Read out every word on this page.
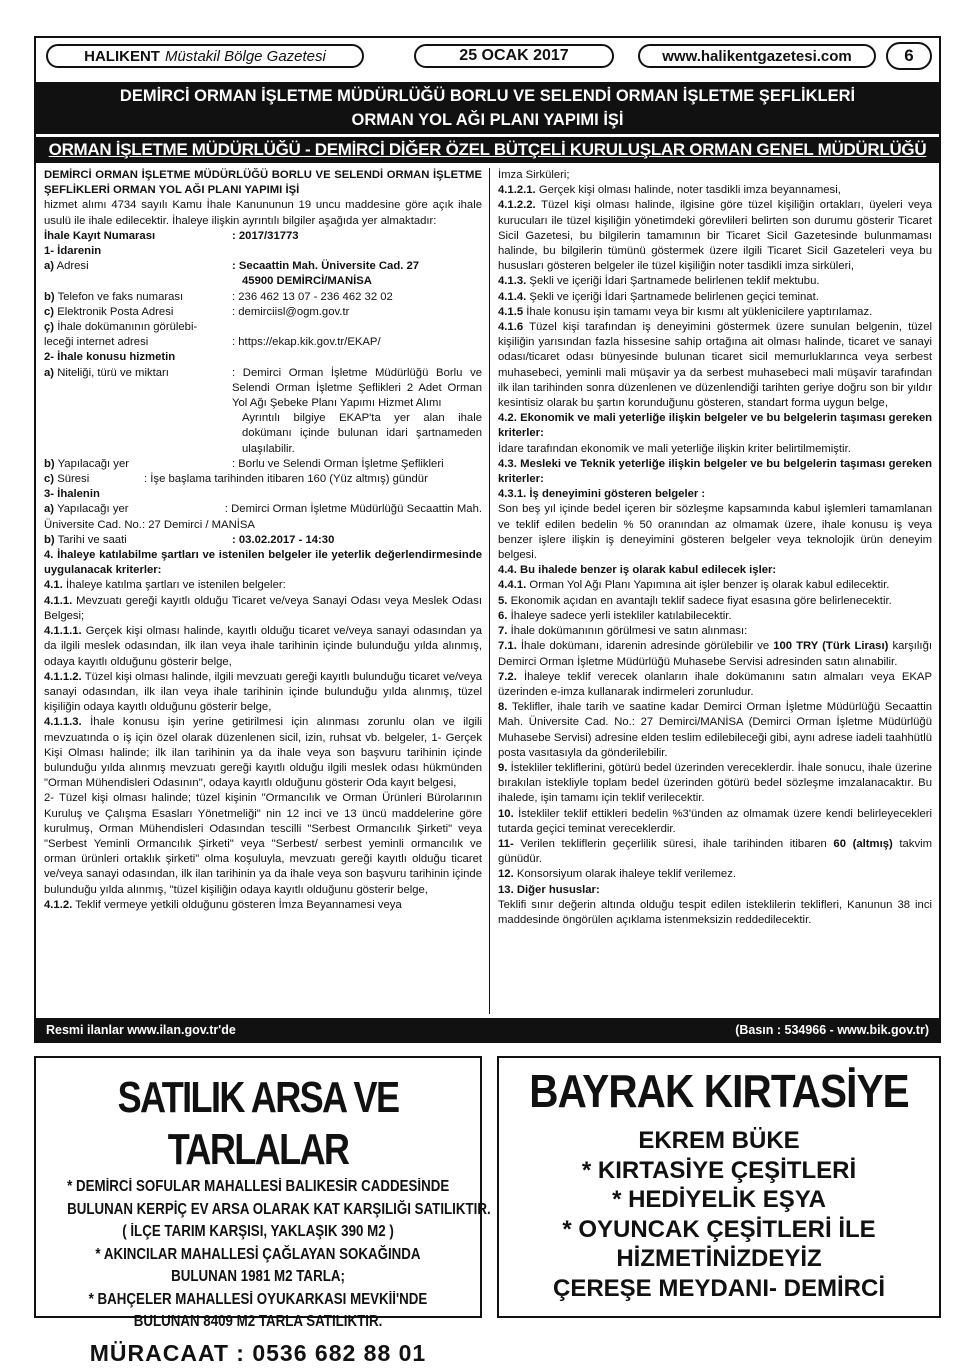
HALIKENT Müstakil Bölge Gazetesi	25 OCAK 2017	www.halikentgazetesi.com	6
DEMİRCİ ORMAN İŞLETME MÜDÜRLÜĞÜ BORLU VE SELENDİ ORMAN İŞLETME ŞEFLİKLERİ
ORMAN YOL AĞI PLANI YAPIMI İŞİ
ORMAN İŞLETME MÜDÜRLÜĞÜ - DEMİRCİ DİĞER ÖZEL BÜTÇELİ KURULUŞLAR ORMAN GENEL MÜDÜRLÜĞÜ

DEMİRCİ ORMAN İŞLETME MÜDÜRLÜĞÜ BORLU VE SELENDİ ORMAN İŞLETME ŞEFLİKLERİ ORMAN YOL AĞI PLANI YAPIMI İŞİ

hizmet alımı 4734 sayılı Kamu İhale Kanununun 19 uncu maddesine göre açık ihale usulü ile ihale edilecektir. İhaleye ilişkin ayrıntılı bilgiler aşağıda yer almaktadır:

İhale Kayıt Numarası	: 2017/31773

1- İdarenin

a) Adresi	: Secaattin Mah. Üniversite Cad. 27
45900 DEMİRCİ/MANİSA
b) Telefon ve faks numarası	: 236 462 13 07 - 236 462 32 02
c) Elektronik Posta Adresi	: demirciisl@ogm.gov.tr
ç) İhale dokümanının görülebi-
leceği internet adresi	: https://ekap.kik.gov.tr/EKAP/

2- İhale konusu hizmetin

a) Niteliği, türü ve miktarı	: Demirci Orman İşletme Müdürlüğü Borlu ve Selendi Orman İşletme Şeflikleri 2 Adet Orman Yol Ağı Şebeke Planı Yapımı Hizmet Alımı

Ayrıntılı bilgiye EKAP'ta yer alan ihale dokümanı içinde bulunan idari şartnameden ulaşılabilir.
b) Yapılacağı yer	: Borlu ve Selendi Orman İşletme Şeflikleri
c) Süresi	: İşe başlama tarihinden itibaren 160 (Yüz altmış) gündür

3- İhalenin

a) Yapılacağı yer                              : Demirci Orman İşletme Müdürlüğü Secaattin Mah. Üniversite Cad. No.: 27 Demirci / MANİSA

b) Tarihi ve saati	: 03.02.2017 - 14:30

4. İhaleye katılabilme şartları ve istenilen belgeler ile yeterlik değerlendirmesinde uygulanacak kriterler:

4.1. İhaleye katılma şartları ve istenilen belgeler:

4.1.1. Mevzuatı gereği kayıtlı olduğu Ticaret ve/veya Sanayi Odası veya Meslek Odası Belgesi;

4.1.1.1. Gerçek kişi olması halinde, kayıtlı olduğu ticaret ve/veya sanayi odasından ya da ilgili meslek odasından, ilk ilan veya ihale tarihinin içinde bulunduğu yılda alınmış, odaya kayıtlı olduğunu gösterir belge,

4.1.1.2. Tüzel kişi olması halinde, ilgili mevzuatı gereği kayıtlı bulunduğu ticaret ve/veya sanayi odasından, ilk ilan veya ihale tarihinin içinde bulunduğu yılda alınmış, tüzel kişiliğin odaya kayıtlı olduğunu gösterir belge,

4.1.1.3. İhale konusu işin yerine getirilmesi için alınması zorunlu olan ve ilgili mevzuatında o iş için özel olarak düzenlenen sicil, izin, ruhsat vb. belgeler, 1- Gerçek Kişi Olması halinde; ilk ilan tarihinin ya da ihale veya son başvuru tarihinin içinde bulunduğu yılda alınmış mevzuatı gereği kayıtlı olduğu ilgili meslek odası hükmünden "Orman Mühendisleri Odasının", odaya kayıtlı olduğunu gösterir Oda kayıt belgesi,

2- Tüzel kişi olması halinde; tüzel kişinin "Ormancılık ve Orman Ürünleri Bürolarının Kuruluş ve Çalışma Esasları Yönetmeliği" nin 12 inci ve 13 üncü maddelerine göre kurulmuş, Orman Mühendisleri Odasından tescilli "Serbest Ormancılık Şirketi" veya "Serbest Yeminli Ormancılık Şirketi" veya "Serbest/ serbest yeminli ormancılık ve orman ürünleri ortaklık şirketi" olma koşuluyla, mevzuatı gereği kayıtlı olduğu ticaret ve/veya sanayi odasından, ilk ilan tarihinin ya da ihale veya son başvuru tarihinin içinde bulunduğu yılda alınmış, "tüzel kişiliğin odaya kayıtlı olduğunu gösterir belge,

4.1.2. Teklif vermeye yetkili olduğunu gösteren İmza Beyannamesi veya

İmza Sirküleri;

4.1.2.1. Gerçek kişi olması halinde, noter tasdikli imza beyannamesi,

4.1.2.2. Tüzel kişi olması halinde, ilgisine göre tüzel kişiliğin ortakları, üyeleri veya kurucuları ile tüzel kişiliğin yönetimdeki görevlileri belirten son durumu gösterir Ticaret Sicil Gazetesi, bu bilgilerin tamamının bir Ticaret Sicil Gazetesinde bulunmaması halinde, bu bilgilerin tümünü göstermek üzere ilgili Ticaret Sicil Gazeteleri veya bu hususları gösteren belgeler ile tüzel kişiliğin noter tasdikli imza sirküleri,

4.1.3. Şekli ve içeriği İdari Şartnamede belirlenen teklif mektubu.

4.1.4. Şekli ve içeriği İdari Şartnamede belirlenen geçici teminat.

4.1.5 İhale konusu işin tamamı veya bir kısmı alt yüklenicilere yaptırılamaz.

4.1.6 Tüzel kişi tarafından iş deneyimini göstermek üzere sunulan belgenin, tüzel kişiliğin yarısından fazla hissesine sahip ortağına ait olması halinde, ticaret ve sanayi odası/ticaret odası bünyesinde bulunan ticaret sicil memurluklarınca veya serbest muhasebeci, yeminli mali müşavir ya da serbest muhasebeci mali müşavir tarafından ilk ilan tarihinden sonra düzenlenen ve düzenlendiği tarihten geriye doğru son bir yıldır kesintisiz olarak bu şartın korunduğunu gösteren, standart forma uygun belge,

4.2. Ekonomik ve mali yeterliğe ilişkin belgeler ve bu belgelerin taşıması gereken kriterler:

İdare tarafından ekonomik ve mali yeterliğe ilişkin kriter belirtilmemiştir.

4.3. Mesleki ve Teknik yeterliğe ilişkin belgeler ve bu belgelerin taşıması gereken kriterler:

4.3.1. İş deneyimini gösteren belgeler :

Son beş yıl içinde bedel içeren bir sözleşme kapsamında kabul işlemleri tamamlanan ve teklif edilen bedelin % 50 oranından az olmamak üzere, ihale konusu iş veya benzer işlere ilişkin iş deneyimini gösteren belgeler veya teknolojik ürün deneyim belgesi.

4.4. Bu ihalede benzer iş olarak kabul edilecek işler:

4.4.1. Orman Yol Ağı Planı Yapımına ait işler benzer iş olarak kabul edilecektir.

5. Ekonomik açıdan en avantajlı teklif sadece fiyat esasına göre belirlenecektir.

6. İhaleye sadece yerli istekliler katılabilecektir.

7. İhale dokümanının görülmesi ve satın alınması:

7.1. İhale dokümanı, idarenin adresinde görülebilir ve 100 TRY (Türk Lirası) karşılığı Demirci Orman İşletme Müdürlüğü Muhasebe Servisi adresinden satın alınabilir.

7.2. İhaleye teklif verecek olanların ihale dokümanını satın almaları veya EKAP üzerinden e-imza kullanarak indirmeleri zorunludur.

8. Teklifler, ihale tarih ve saatine kadar Demirci Orman İşletme Müdürlüğü Secaattin Mah. Üniversite Cad. No.: 27 Demirci/MANİSA (Demirci Orman İşletme Müdürlüğü Muhasebe Servisi) adresine elden teslim edilebileceği gibi, aynı adrese iadeli taahhütlü posta vasıtasıyla da gönderilebilir.

9. İstekliler tekliflerini, götürü bedel üzerinden vereceklerdir. İhale sonucu, ihale üzerine bırakılan istekliyle toplam bedel üzerinden götürü bedel sözleşme imzalanacaktır. Bu ihalede, işin tamamı için teklif verilecektir.

10. İstekliler teklif ettikleri bedelin %3'ünden az olmamak üzere kendi belirleyecekleri tutarda geçici teminat vereceklerdir.

11- Verilen tekliflerin geçerlilik süresi, ihale tarihinden itibaren 60 (altmış) takvim günüdür.

12. Konsorsiyum olarak ihaleye teklif verilemez.

13. Diğer hususlar:

Teklifi sınır değerin altında olduğu tespit edilen isteklilerin teklifleri, Kanunun 38 inci maddesinde öngörülen açıklama istenmeksizin reddedilecektir.

Resmi ilanlar www.ilan.gov.tr'de	(Basın : 534966 - www.bik.gov.tr)
SATILIK ARSA VE TARLALAR
* DEMİRCİ SOFULAR MAHALLESİ BALIKESİR CADDESİNDE
BULUNAN KERPİÇ EV ARSA OLARAK KAT KARŞILIĞI SATILIKTIR.
( İLÇE TARIM KARŞISI, YAKLAŞIK 390 M2 )
* AKINCILAR MAHALLESİ ÇAĞLAYAN SOKAĞINDA
BULUNAN 1981 M2 TARLA;
* BAHÇELER MAHALLESİ OYUKARKASI MEVKİİ'NDE
BULUNAN 8409 M2 TARLA SATILIKTIR.
MÜRACAAT : 0536 682 88 01
BAYRAK KIRTASİYE
EKREM BÜKE
* KIRTASİYE ÇEŞİTLERİ
* HEDİYELİK EŞYA
* OYUNCAK ÇEŞİTLERİ İLE
HİZMETİNİZDEYİZ
ÇEREŞE MEYDANI- DEMİRCİ
